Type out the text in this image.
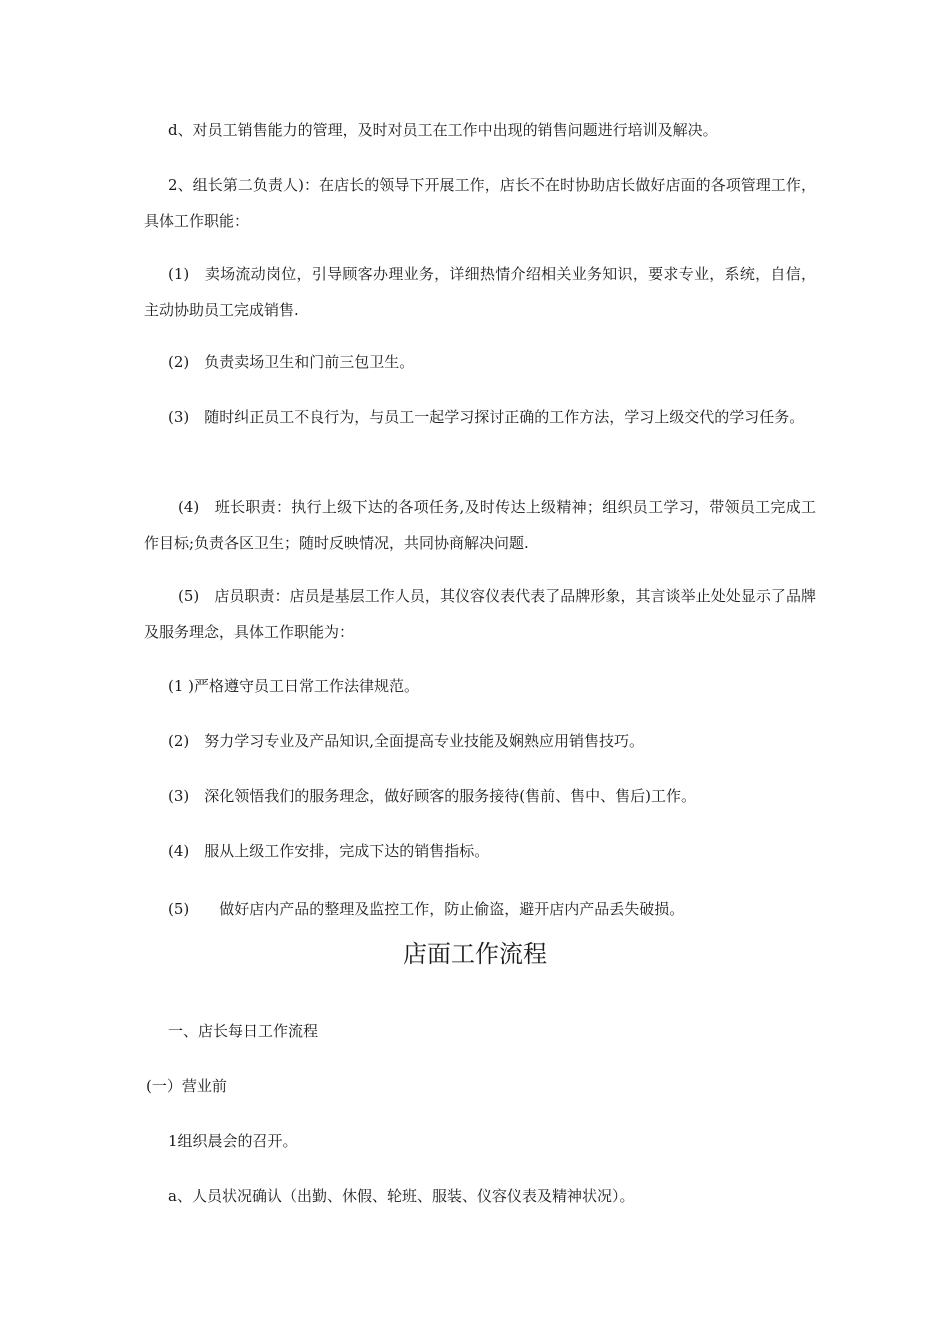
d、对员工销售能力的管理，及时对员工在工作中出现的销售问题进行培训及解决。

2、组长第二负责人)：在店长的领导下开展工作，店长不在时协助店长做好店面的各项管理工作，具体工作职能：

(1)　卖场流动岗位，引导顾客办理业务，详细热情介绍相关业务知识，要求专业，系统，自信，主动协助员工完成销售.

(2)　负责卖场卫生和门前三包卫生。

(3)　随时纠正员工不良行为，与员工一起学习探讨正确的工作方法，学习上级交代的学习任务。

(4)　班长职责：执行上级下达的各项任务,及时传达上级精神；组织员工学习，带领员工完成工作目标;负责各区卫生；随时反映情况，共同协商解决问题.

(5)　店员职责：店员是基层工作人员，其仪容仪表代表了品牌形象，其言谈举止处处显示了品牌及服务理念，具体工作职能为：

(1 )严格遵守员工日常工作法律规范。

(2)　努力学习专业及产品知识,全面提高专业技能及娴熟应用销售技巧。

(3)　深化领悟我们的服务理念，做好顾客的服务接待(售前、售中、售后)工作。

(4)　服从上级工作安排，完成下达的销售指标。

(5)　　做好店内产品的整理及监控工作，防止偷盗，避开店内产品丢失破损。

店面工作流程

一、店长每日工作流程

(一）营业前

1组织晨会的召开。

a、人员状况确认（出勤、休假、轮班、服装、仪容仪表及精神状况）。
